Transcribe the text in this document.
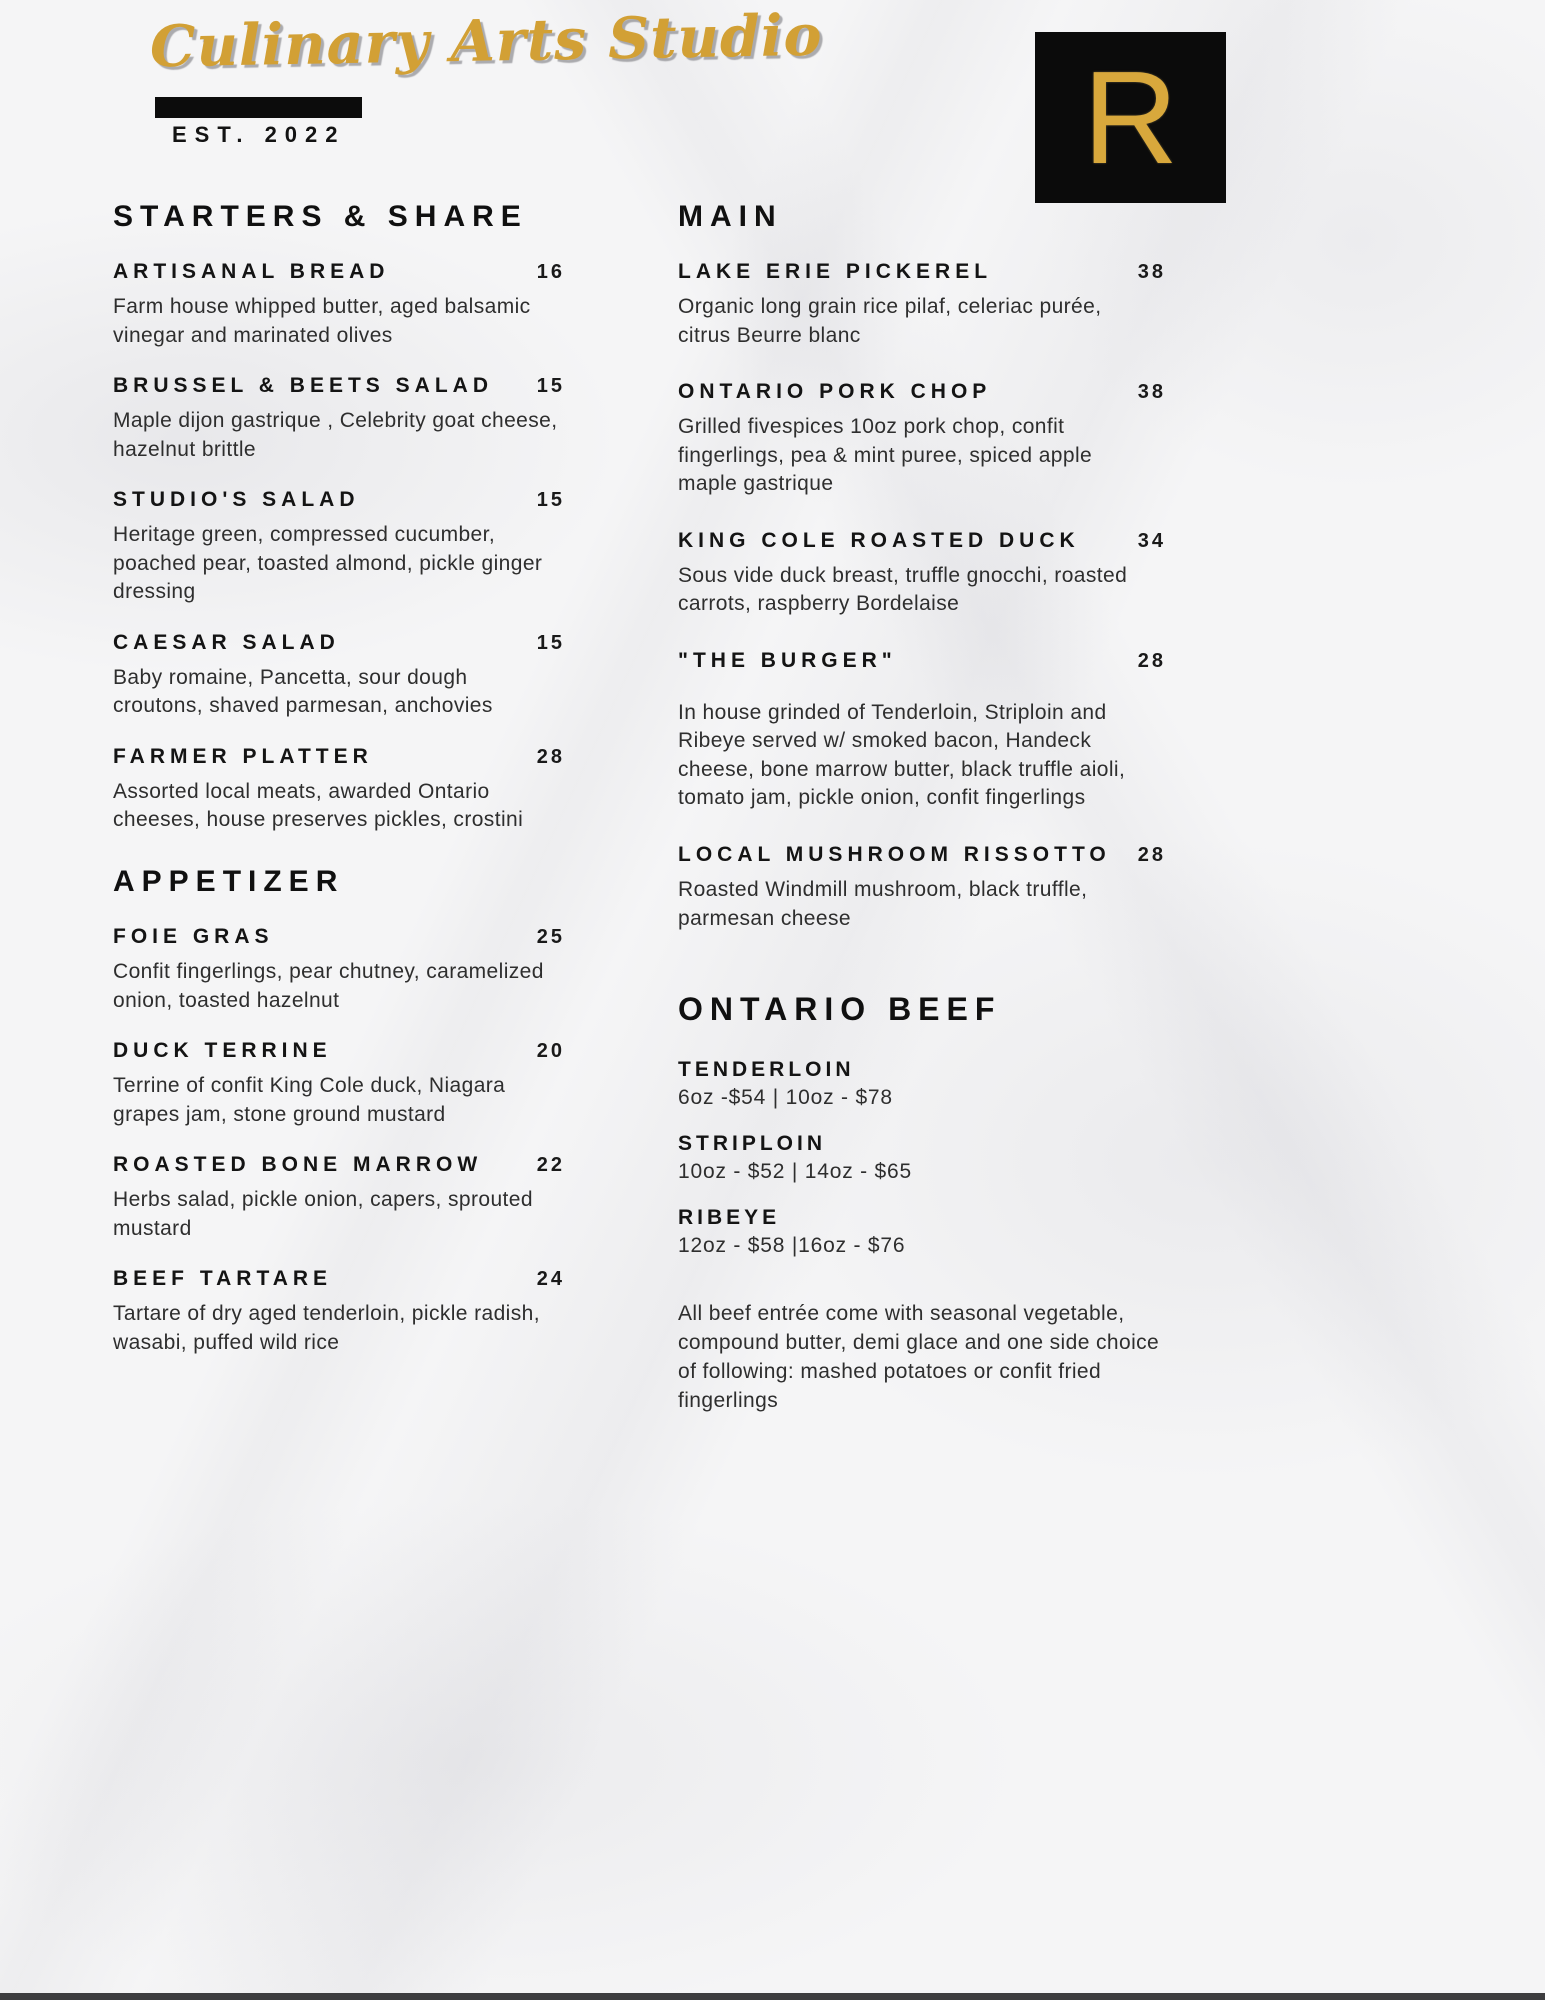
Culinary Arts Studio
EST. 2022	R
STARTERS & SHARE
ARTISANAL BREAD	16

Farm house whipped butter, aged balsamic vinegar and marinated olives

BRUSSEL & BEETS SALAD	15

Maple dijon gastrique , Celebrity goat cheese, hazelnut brittle

STUDIO'S SALAD	15

Heritage green, compressed cucumber, poached pear, toasted almond, pickle ginger dressing

CAESAR SALAD	15

Baby romaine, Pancetta, sour dough croutons, shaved parmesan, anchovies

FARMER PLATTER	28

Assorted local meats, awarded Ontario cheeses, house preserves pickles, crostini

APPETIZER
FOIE GRAS	25

Confit fingerlings, pear chutney, caramelized onion, toasted hazelnut

DUCK TERRINE	20

Terrine of confit King Cole duck, Niagara grapes jam, stone ground mustard

ROASTED BONE MARROW	22

Herbs salad, pickle onion, capers, sprouted mustard

BEEF TARTARE	24

Tartare of dry aged tenderloin, pickle radish, wasabi, puffed wild rice

MAIN
LAKE ERIE PICKEREL	38

Organic long grain rice pilaf, celeriac purée, citrus Beurre blanc

ONTARIO PORK CHOP	38

Grilled fivespices 10oz pork chop, confit fingerlings, pea & mint puree, spiced apple maple gastrique

KING COLE ROASTED DUCK	34

Sous vide duck breast, truffle gnocchi, roasted carrots, raspberry Bordelaise

"THE BURGER"	28

In house grinded of Tenderloin, Striploin and Ribeye served w/ smoked bacon, Handeck cheese, bone marrow butter, black truffle aioli, tomato jam, pickle onion, confit fingerlings

LOCAL MUSHROOM RISSOTTO	28

Roasted Windmill mushroom, black truffle, parmesan cheese

ONTARIO BEEF
TENDERLOIN

6oz -$54 | 10oz - $78

STRIPLOIN

10oz - $52 | 14oz - $65

RIBEYE

12oz - $58 |16oz - $76

All beef entrée come with seasonal vegetable, compound butter, demi glace and one side choice of following: mashed potatoes or confit fried fingerlings
